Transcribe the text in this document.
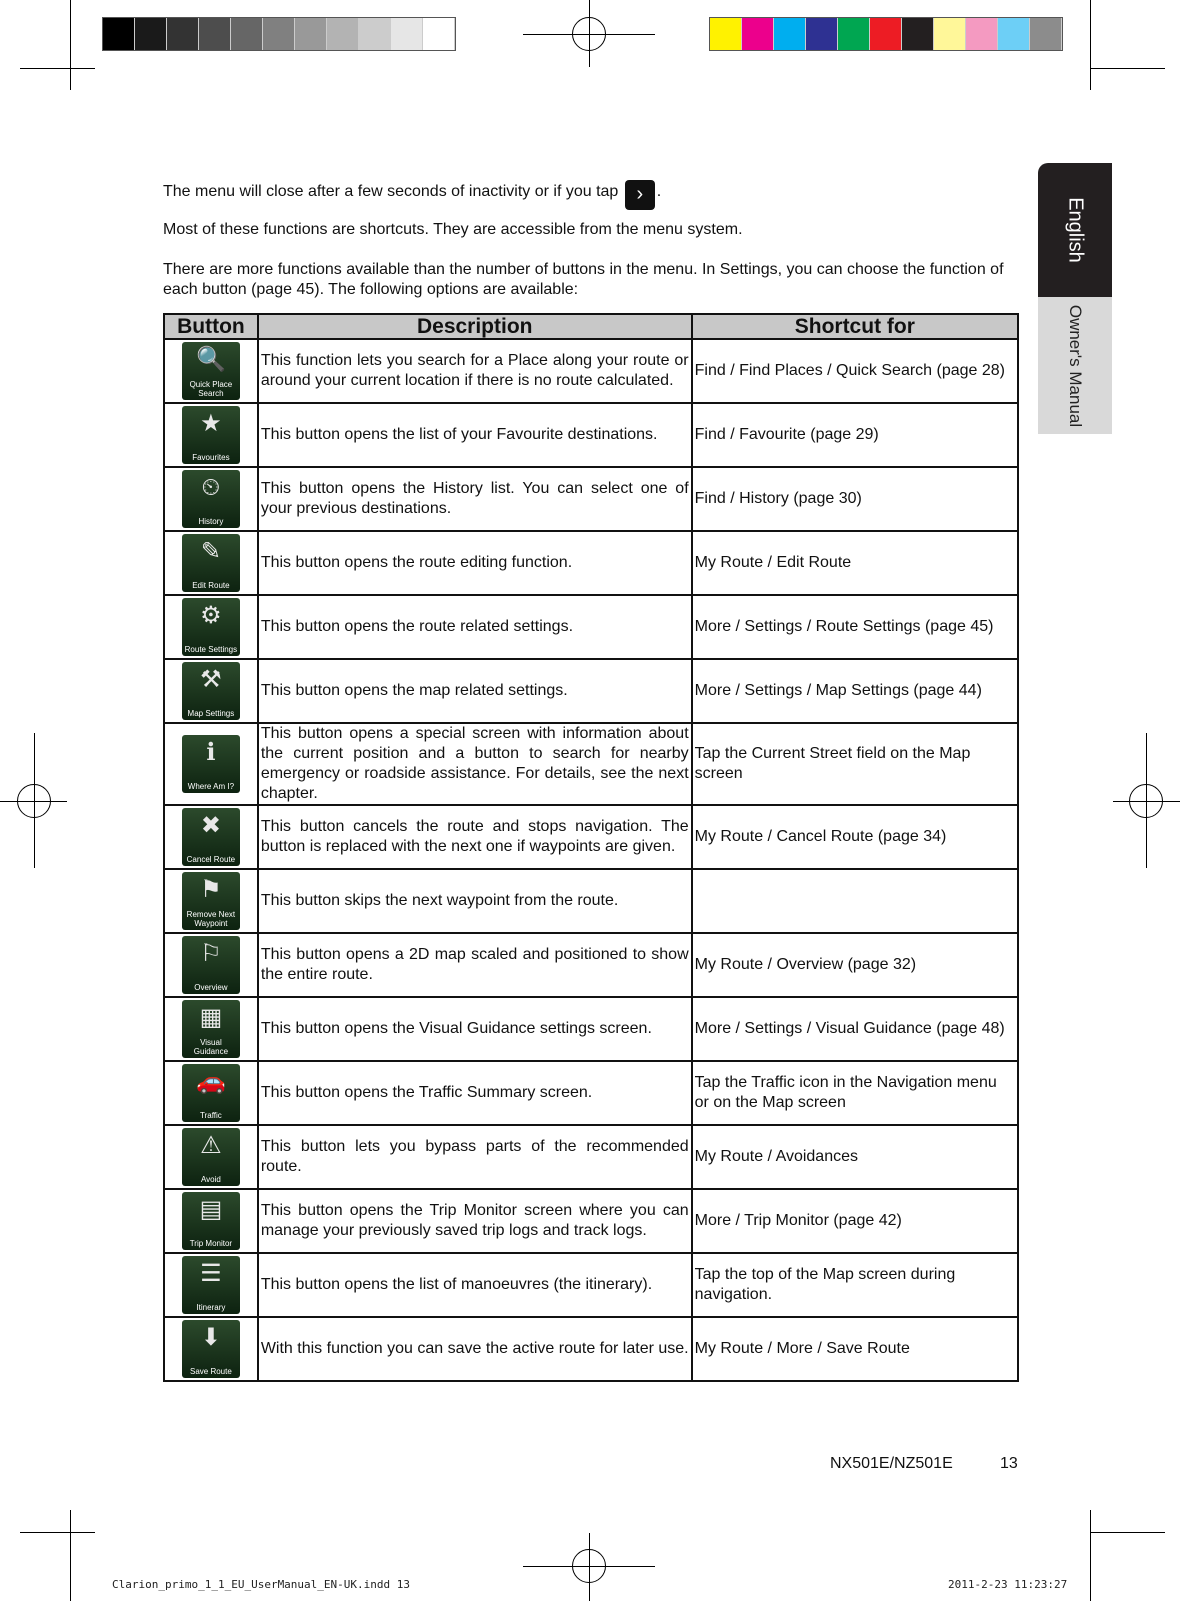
English
Owner's Manual
The menu will close after a few seconds of inactivity or if you tap › .
Most of these functions are shortcuts. They are accessible from the menu system.
There are more functions available than the number of buttons in the menu. In Settings, you can choose the function of each button (page 45). The following options are available:
Button	Description	Shortcut for

🔍
Quick Place Search	This function lets you search for a Place along your route or around your current location if there is no route calculated.	Find / Find Places / Quick Search (page 28)

★
Favourites	This button opens the list of your Favourite destinations.	Find / Favourite (page 29)

⏲
History	This button opens the History list. You can select one of your previous destinations.	Find / History (page 30)

✎
Edit Route	This button opens the route editing function.	My Route / Edit Route

⚙
Route Settings	This button opens the route related settings.	More / Settings / Route Settings (page 45)

⚒
Map Settings	This button opens the map related settings.	More / Settings / Map Settings (page 44)

ℹ
Where Am I?	This button opens a special screen with information about the current position and a button to search for nearby emergency or roadside assistance. For details, see the next chapter.	Tap the Current Street field on the Map screen

✖
Cancel Route	This button cancels the route and stops navigation. The button is replaced with the next one if waypoints are given.	My Route / Cancel Route (page 34)

⚑
Remove Next Waypoint	This button skips the next waypoint from the route.	

⚐
Overview	This button opens a 2D map scaled and positioned to show the entire route.	My Route / Overview (page 32)

▦
Visual Guidance	This button opens the Visual Guidance settings screen.	More / Settings / Visual Guidance (page 48)

🚗
Traffic	This button opens the Traffic Summary screen.	Tap the Traffic icon in the Navigation menu or on the Map screen

⚠
Avoid	This button lets you bypass parts of the recommended route.	My Route / Avoidances

▤
Trip Monitor	This button opens the Trip Monitor screen where you can manage your previously saved trip logs and track logs.	More / Trip Monitor (page 42)

☰
Itinerary	This button opens the list of manoeuvres (the itinerary).	Tap the top of the Map screen during navigation.

⬇
Save Route	With this function you can save the active route for later use.	My Route / More / Save Route
NX501E/NZ501E	13
Clarion_primo_1_1_EU_UserManual_EN-UK.indd 13	2011-2-23 11:23:27
